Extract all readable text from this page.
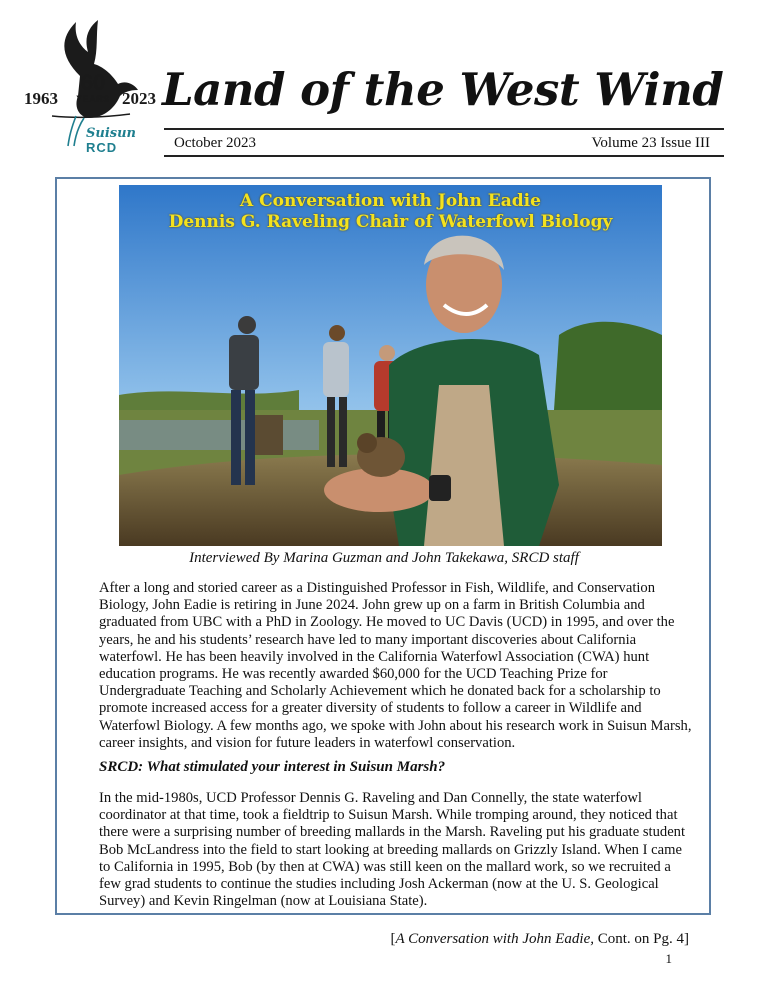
1963	2023
60
YEARS
Suisun
RCD
Land of the West Wind
October 2023	Volume 23 Issue III
A Conversation with John Eadie
Dennis G. Raveling Chair of Waterfowl Biology
Interviewed By Marina Guzman and John Takekawa, SRCD staff

After a long and storied career as a Distinguished Professor in Fish, Wildlife, and Conservation Biology, John Eadie is retiring in June 2024. John grew up on a farm in British Columbia and graduated from UBC with a PhD in Zoology. He moved to UC Davis (UCD) in 1995, and over the years, he and his students’ research have led to many important discoveries about California waterfowl. He has been heavily involved in the California Waterfowl Association (CWA) hunt education programs. He was recently awarded $60,000 for the UCD Teaching Prize for Undergraduate Teaching and Scholarly Achievement which he donated back for a scholarship to promote increased access for a greater diversity of students to follow a career in Wildlife and Waterfowl Biology. A few months ago, we spoke with John about his research work in Suisun Marsh, career insights, and vision for future leaders in waterfowl conservation.

SRCD: What stimulated your interest in Suisun Marsh?

In the mid-1980s, UCD Professor Dennis G. Raveling and Dan Connelly, the state waterfowl coordinator at that time, took a fieldtrip to Suisun Marsh. While tromping around, they noticed that there were a surprising number of breeding mallards in the Marsh. Raveling put his graduate student Bob McLandress into the field to start looking at breeding mallards on Grizzly Island. When I came to California in 1995, Bob (by then at CWA) was still keen on the mallard work, so we recruited a few grad students to continue the studies including Josh Ackerman (now at the U. S. Geological Survey) and Kevin Ringelman (now at Louisiana State).

[A Conversation with John Eadie, Cont. on Pg. 4]
1
